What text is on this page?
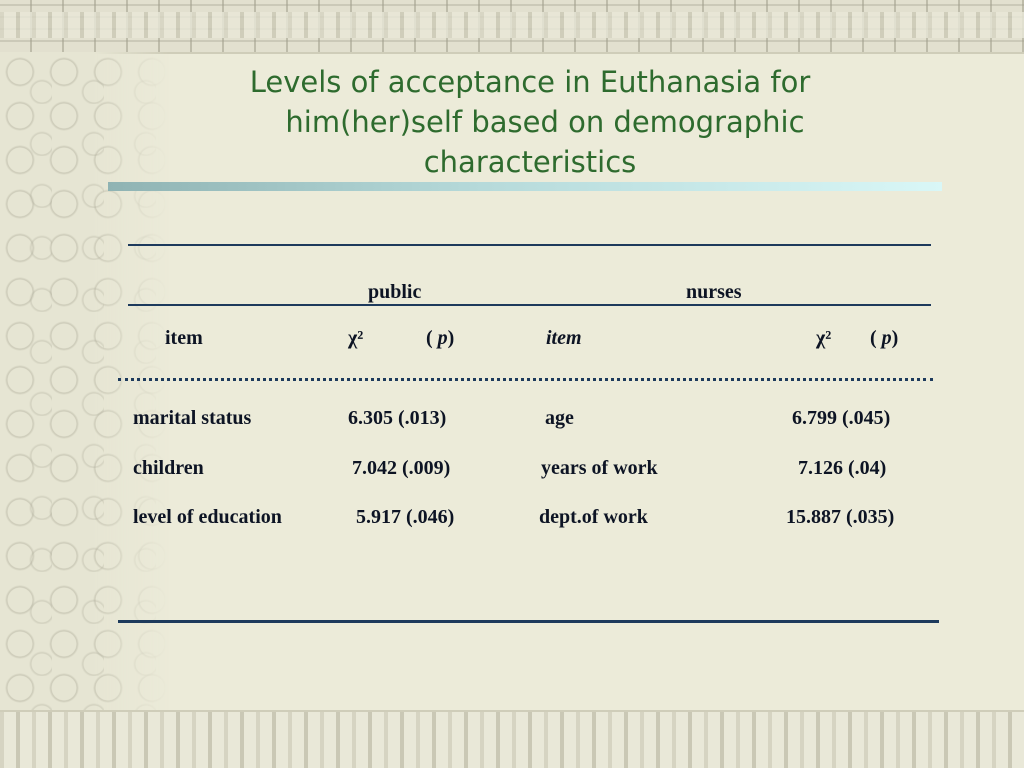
Levels of acceptance in Euthanasia for
him(her)self based on demographic
characteristics
public	nurses
item	χ²	( p)	item	χ² ( p)
marital status	6.305 (.013)	age	6.799 (.045)
children	7.042 (.009)	years of work	7.126 (.04)
level of education	5.917 (.046)	dept.of work	15.887 (.035)
